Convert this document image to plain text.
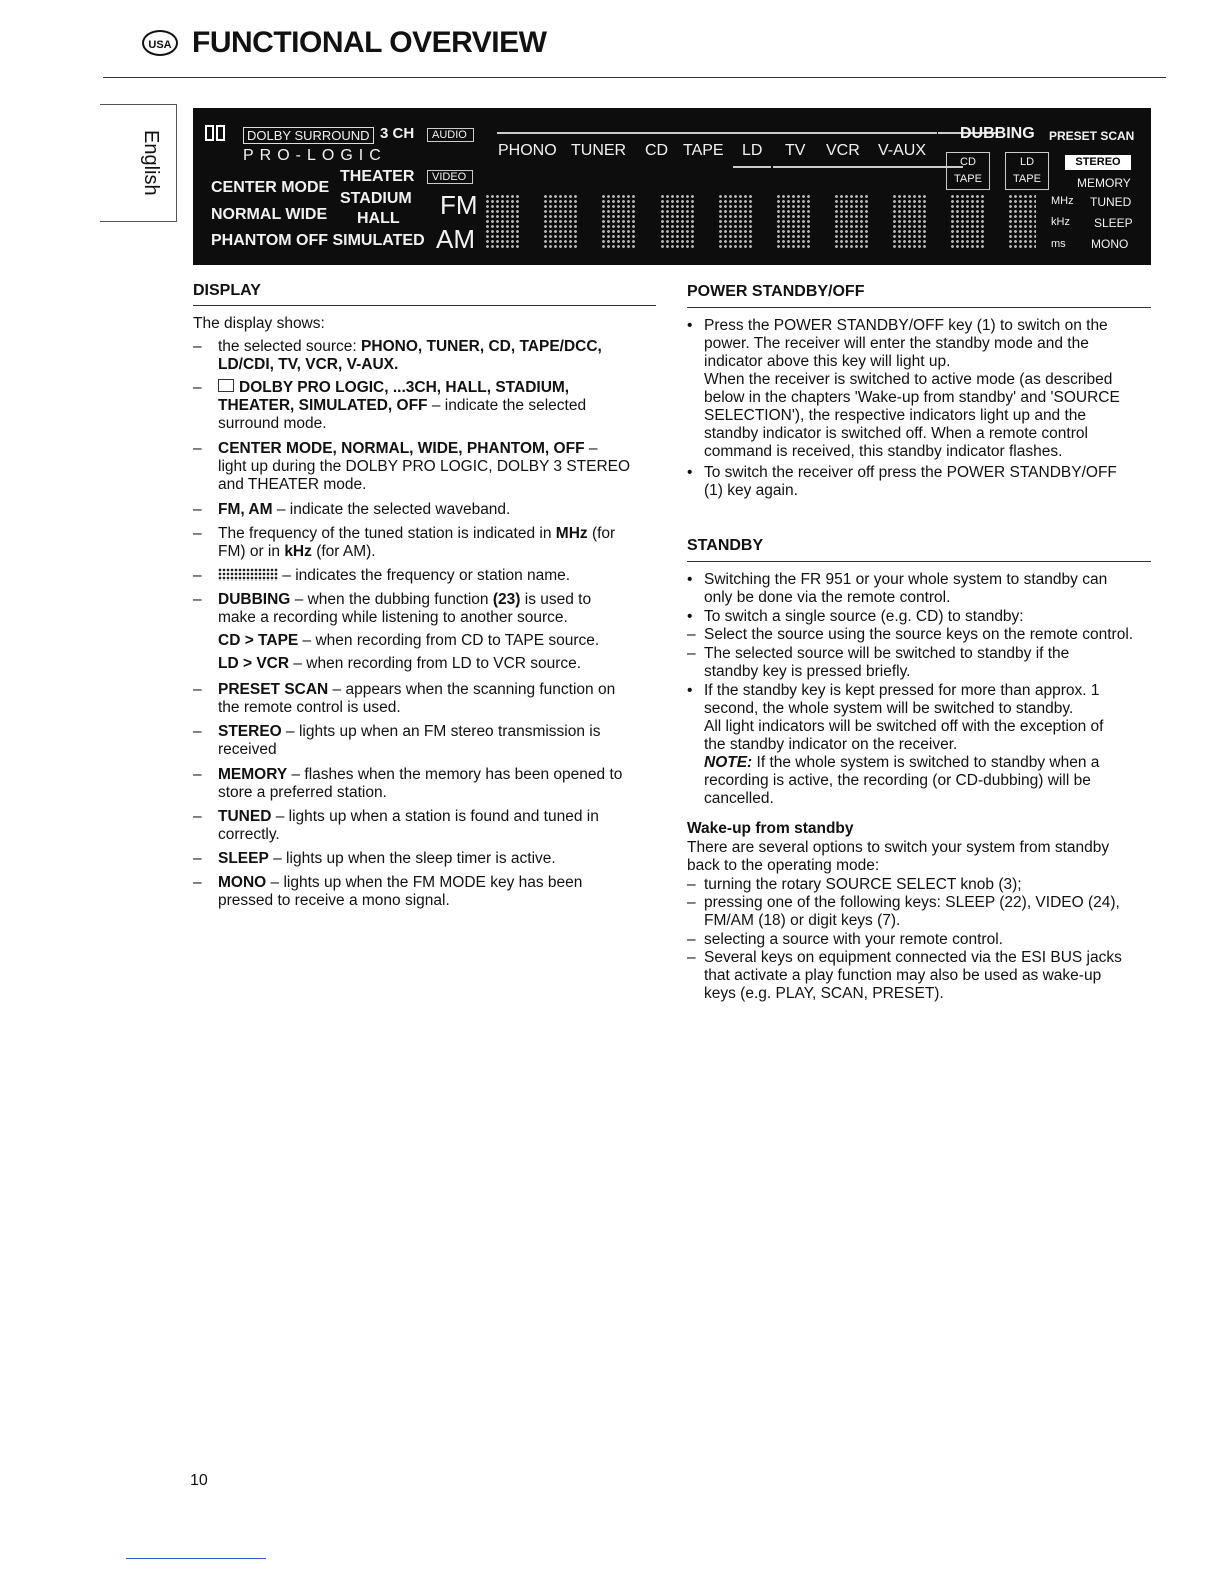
USA FUNCTIONAL OVERVIEW
English	DOLBY SURROUND 3 CH	AUDIO
PRO-LOGIC
THEATER	VIDEO
CENTER MODE
STADIUM
NORMAL WIDE HALL
PHANTOM OFF SIMULATED
FM
AM
PHONO TUNER CD TAPE LD TV VCR V-AUX
DUBBING PRESET SCAN
CD
TAPE
LD
TAPE
STEREO
MEMORY
MHz TUNED
kHz SLEEP
ms MONO
DISPLAY
The display shows:
– the selected source: PHONO, TUNER, CD, TAPE/DCC,
LD/CDI, TV, VCR, V-AUX.
–	DOLBY PRO LOGIC, ...3CH, HALL, STADIUM,
THEATER, SIMULATED, OFF – indicate the selected
surround mode.
– CENTER MODE, NORMAL, WIDE, PHANTOM, OFF –
light up during the DOLBY PRO LOGIC, DOLBY 3 STEREO
and THEATER mode.
– FM, AM – indicate the selected waveband.
– The frequency of the tuned station is indicated in MHz (for
FM) or in kHz (for AM).
–	– indicates the frequency or station name.
– DUBBING – when the dubbing function (23) is used to
make a recording while listening to another source.
CD > TAPE – when recording from CD to TAPE source.
LD > VCR – when recording from LD to VCR source.
– PRESET SCAN – appears when the scanning function on
the remote control is used.
– STEREO – lights up when an FM stereo transmission is
received
– MEMORY – flashes when the memory has been opened to
store a preferred station.
– TUNED – lights up when a station is found and tuned in
correctly.
– SLEEP – lights up when the sleep timer is active.
– MONO – lights up when the FM MODE key has been
pressed to receive a mono signal.
POWER STANDBY/OFF
• Press the POWER STANDBY/OFF key (1) to switch on the
power. The receiver will enter the standby mode and the
indicator above this key will light up.
When the receiver is switched to active mode (as described
below in the chapters 'Wake-up from standby' and 'SOURCE
SELECTION'), the respective indicators light up and the
standby indicator is switched off. When a remote control
command is received, this standby indicator flashes.
• To switch the receiver off press the POWER STANDBY/OFF
(1) key again.
STANDBY
• Switching the FR 951 or your whole system to standby can
only be done via the remote control.
• To switch a single source (e.g. CD) to standby:
– Select the source using the source keys on the remote control.
– The selected source will be switched to standby if the
standby key is pressed briefly.
• If the standby key is kept pressed for more than approx. 1
second, the whole system will be switched to standby.
All light indicators will be switched off with the exception of
the standby indicator on the receiver.
NOTE: If the whole system is switched to standby when a
recording is active, the recording (or CD-dubbing) will be
cancelled.
Wake-up from standby
There are several options to switch your system from standby
back to the operating mode:
– turning the rotary SOURCE SELECT knob (3);
– pressing one of the following keys: SLEEP (22), VIDEO (24),
FM/AM (18) or digit keys (7).
– selecting a source with your remote control.
– Several keys on equipment connected via the ESI BUS jacks
that activate a play function may also be used as wake-up
keys (e.g. PLAY, SCAN, PRESET).
10
